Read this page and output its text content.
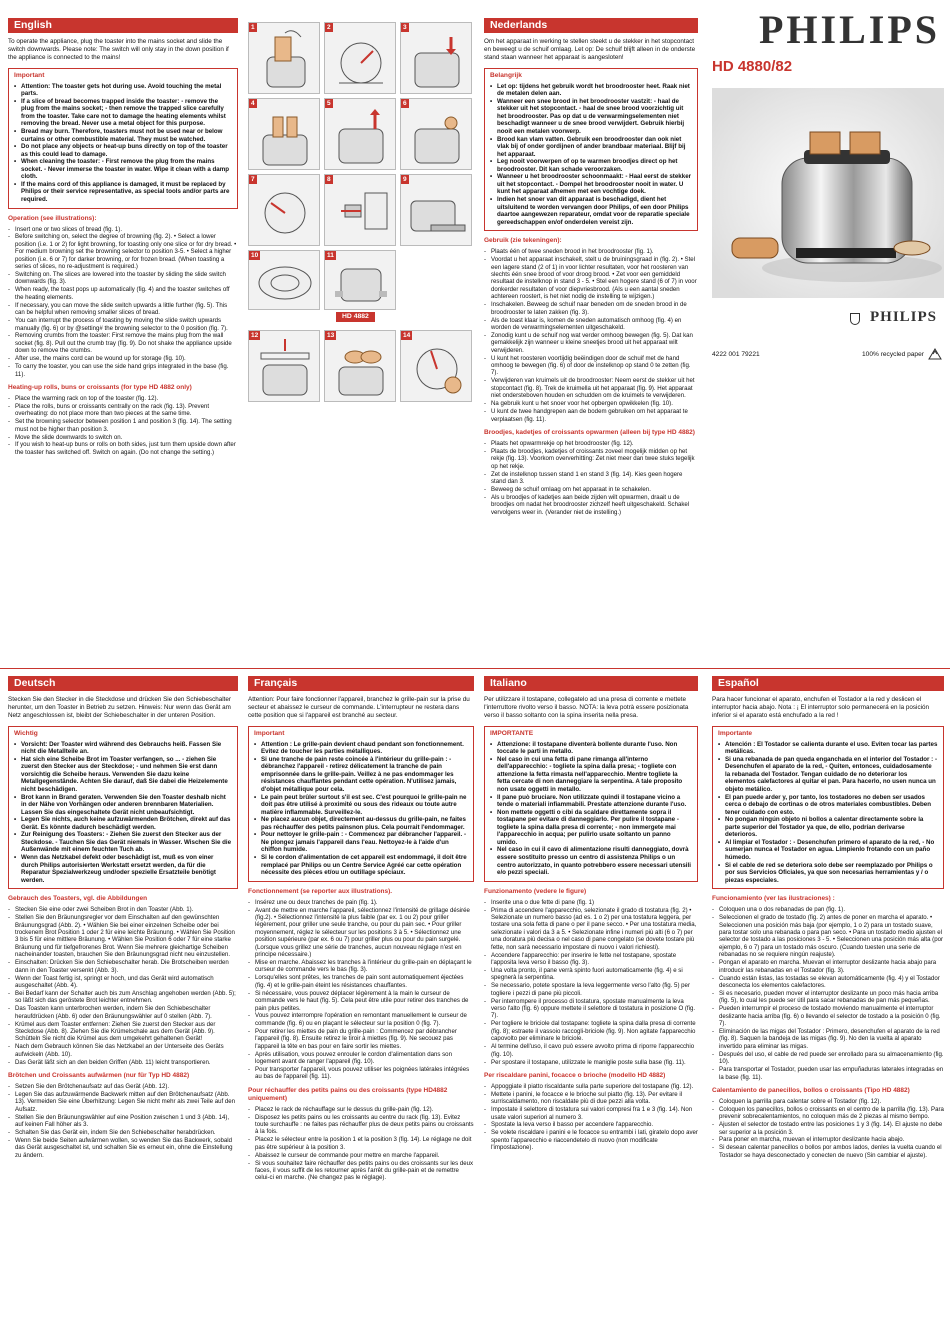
English
To operate the appliance, plug the toaster into the mains socket and slide the switch downwards. Please note: The switch will only stay in the down position if the appliance is connected to the mains!
Important
• Attention: The toaster gets hot during use. Avoid touching the metal parts.
• If a slice of bread becomes trapped inside the toaster: - remove the plug from the mains socket; - then remove the trapped slice carefully from the toaster. Take care not to damage the heating elements whilst removing the bread. Never use a metal object for this purpose.
• Bread may burn. Therefore, toasters must not be used near or below curtains or other combustible material. They must be watched.
• Do not place any objects or heat-up buns directly on top of the toaster as this could lead to damage.
• When cleaning the toaster: - First remove the plug from the mains socket. - Never immerse the toaster in water. Wipe it clean with a damp cloth.
• If the mains cord of this appliance is damaged, it must be replaced by Philips or their service representative, as special tools and/or parts are required.
Operation (see illustrations):
- Insert one or two slices of bread (fig. 1).
- Before switching on, select the degree of browning (fig. 2). • Select a lower position (i.e. 1 or 2) for light browning, for toasting only one slice or for dry bread. • For medium browning set the browning selector to position 3-5. • Select a higher position (i.e. 6 or 7) for darker browning, or for frozen bread. (When toasting a series of slices, no re-adjustment is required.)
- Switching on. The slices are lowered into the toaster by sliding the slide switch downwards (fig. 3).
- When ready, the toast pops up automatically (fig. 4) and the toaster switches off the heating elements.
- If necessary, you can move the slide switch upwards a little further (fig. 5). This can be helpful when removing smaller slices of bread.
- You can interrupt the process of toasting by moving the slide switch upwards manually (fig. 6) or by @setting# the browning selector to the 0 position (fig. 7).
- Removing crumbs from the toaster: First remove the mains plug from the wall socket (fig. 8). Pull out the crumb tray (fig. 9). Do not shake the appliance upside down to remove the crumbs.
- After use, the mains cord can be wound up for storage (fig. 10).
- To carry the toaster, you can use the side hand grips integrated in the base (fig. 11).
Heating-up rolls, buns or croissants (for type HD 4882 only)
- Place the warming rack on top of the toaster (fig. 12).
- Place the rolls, buns or croissants centrally on the rack (fig. 13). Prevent overheating: do not place more than two pieces at the same time.
- Set the browning selector between position 1 and position 3 (fig. 14). The setting must not be higher than position 3.
- Move the slide downwards to switch on.
- If you wish to heat-up buns or rolls on both sides, just turn them upside down after the toaster has switched off. Switch on again. (Do not change the setting.)
1	2	3
4	5	6
7	8	9
10	11
HD 4882
12	13	14
Nederlands
Om het apparaat in werking te stellen steekt u de stekker in het stopcontact en beweegt u de schuif omlaag. Let op: De schuif blijft alleen in de onderste stand staan wanneer het apparaat is aangesloten!
Belangrijk
• Let op: tijdens het gebruik wordt het broodrooster heet. Raak niet de metalen delen aan.
• Wanneer een snee brood in het broodrooster vastzit: - haal de stekker uit het stopcontact. - haal de snee brood voorzichtig uit het broodrooster. Pas op dat u de verwarmingselementen niet beschadigt wanneer u de snee brood verwijdert. Gebruik hierbij nooit een metalen voorwerp.
• Brood kan vlam vatten. Gebruik een broodrooster dan ook niet vlak bij of onder gordijnen of ander brandbaar materiaal. Blijf bij het apparaat.
• Leg nooit voorwerpen of op te warmen broodjes direct op het broodrooster. Dit kan schade veroorzaken.
• Wanneer u het broodrooster schoonmaakt: - Haal eerst de stekker uit het stopcontact. - Dompel het broodrooster nooit in water. U kunt het apparaat afnemen met een vochtige doek.
• Indien het snoer van dit apparaat is beschadigd, dient het uitsluitend te worden vervangen door Philips, of een door Philips daartoe aangewezen reparateur, omdat voor de reparatie speciale gereedschappen en/of onderdelen vereist zijn.
Gebruik (zie tekeningen):
- Plaats één of twee sneden brood in het broodrooster (fig. 1).
- Voordat u het apparaat inschakelt, stelt u de bruiningsgraad in (fig. 2). • Stel een lagere stand (2 of 1) in voor lichter resultaten, voor het roosteren van slechts één snee brood of voor droog brood. • Zet voor een gemiddeld resultaat de instelknop in stand 3 - 5. • Stel een hogere stand (6 of 7) in voor donkerder resultaten of voor diepvriesbrood. (Als u een aantal sneden achtereen roostert, is het niet nodig de instelling te wijzigen.)
- Inschakelen. Beweeg de schuif naar beneden om de sneden brood in de broodrooster te laten zakken (fig. 3).
- Als de toast klaar is, komen de sneden automatisch omhoog (fig. 4) en worden de verwarmingselementen uitgeschakeld.
- Zonodig kunt u de schuif nog wat verder omhoog bewegen (fig. 5). Dat kan gemakkelijk zijn wanneer u kleine sneetjes brood uit het apparaat wilt verwijderen.
- U kunt het roosteren voortijdig beëindigen door de schuif met de hand omhoog te bewegen (fig. 6) of door de instelknop op stand 0 te zetten (fig. 7).
- Verwijderen van kruimels uit de broodrooster: Neem eerst de stekker uit het stopcontact (fig. 8). Trek de kruimella uit het apparaat (fig. 9). Het apparaat niet ondersteboven houden en schudden om de kruimels te verwijderen.
- Na gebruik kunt u het snoer voor het opbergen opwikkelen (fig. 10).
- U kunt de twee handgrepen aan de bodem gebruiken om het apparaat te verplaatsen (fig. 11).
Broodjes, kadetjes of croissants opwarmen (alleen bij type HD 4882)
- Plaats het opwarmrekje op het broodrooster (fig. 12).
- Plaats de broodjes, kadetjes of croissants zoveel mogelijk midden op het rekje (fig. 13). Voorkom oververhitting: Zet niet meer dan twee stuks tegelijk op het rekje.
- Zet de instelknop tussen stand 1 en stand 3 (fig. 14). Kies geen hogere stand dan 3.
- Beweeg de schuif omlaag om het apparaat in te schakelen.
- Als u broodjes of kadetjes aan beide zijden wilt opwarmen, draait u de broodjes om nadat het broodrooster zichzelf heeft uitgeschakeld. Schakel vervolgens weer in. (Verander niet de instelling.)
PHILIPS
HD 4880/82
PHILIPS
4222 001 79221	100% recycled paper
Deutsch
Stecken Sie den Stecker in die Steckdose und drücken Sie den Schiebeschalter herunter, um den Toaster in Betrieb zu setzen. Hinweis: Nur wenn das Gerät am Netz angeschlossen ist, bleibt der Schiebeschalter in der unteren Position.
Wichtig
• Vorsicht: Der Toaster wird während des Gebrauchs heiß. Fassen Sie nicht die Metallteile an.
• Hat sich eine Scheibe Brot im Toaster verfangen, so ... - ziehen Sie zuerst den Stecker aus der Steckdose; - und nehmen Sie erst dann vorsichtig die Scheibe heraus. Verwenden Sie dazu keine Metallgegenstände. Achten Sie darauf, daß Sie dabei die Heizelemente nicht beschädigen.
• Brot kann in Brand geraten. Verwenden Sie den Toaster deshalb nicht in der Nähe von Vorhängen oder anderen brennbaren Materialien. Lassen Sie das eingeschaltete Gerät nicht unbeaufsichtigt.
• Legen Sie nichts, auch keine aufzuwärmenden Brötchen, direkt auf das Gerät. Es könnte dadurch beschädigt werden.
• Zur Reinigung des Toasters: - Ziehen Sie zuerst den Stecker aus der Steckdose. - Tauchen Sie das Gerät niemals in Wasser. Wischen Sie die Außenwände mit einem feuchten Tuch ab.
• Wenn das Netzkabel defekt oder beschädigt ist, muß es von einer durch Philips autorisierten Werkstatt ersetzt werden, da für die Reparatur Spezialwerkzeug und/oder spezielle Ersatzteile benötigt werden.
Gebrauch des Toasters, vgl. die Abbildungen
- Stecken Sie eine oder zwei Scheiben Brot in den Toaster (Abb. 1).
- Stellen Sie den Bräunungsregler vor dem Einschalten auf den gewünschten Bräunungsgrad (Abb. 2). • Wählen Sie bei einer einzelnen Scheibe oder bei trockenem Brot Position 1 oder 2 für eine leichte Bräunung. • Wählen Sie Position 3 bis 5 für eine mittlere Bräunung. • Wählen Sie Position 6 oder 7 für eine starke Bräunung und für tiefgefrorenes Brot. Wenn Sie mehrere gleichartige Scheiben nacheinander toasten, brauchen Sie den Bräunungsgrad nicht neu einzustellen.
- Einschalten: Drücken Sie den Schiebeschalter herab. Die Brotscheiben werden dann in den Toaster versenkt (Abb. 3).
- Wenn der Toast fertig ist, springt er hoch, und das Gerät wird automatisch ausgeschaltet (Abb. 4).
- Bei Bedarf kann der Schalter auch bis zum Anschlag angehoben werden (Abb. 5); so läßt sich das geröstete Brot leichter entnehmen.
- Das Toasten kann unterbrochen werden, indem Sie den Schiebeschalter heraufdrücken (Abb. 6) oder den Bräunungswähler auf 0 stellen (Abb. 7).
- Krümel aus dem Toaster entfernen: Ziehen Sie zuerst den Stecker aus der Steckdose (Abb. 8). Ziehen Sie die Krümelschale aus dem Gerät (Abb. 9). Schütteln Sie nicht die Krümel aus dem umgekehrt gehaltenen Gerät!
- Nach dem Gebrauch können Sie das Netzkabel an der Unterseite des Geräts aufwickeln (Abb. 10).
- Das Gerät läßt sich an den beiden Griffen (Abb. 11) leicht transportieren.
Brötchen und Croissants aufwärmen (nur für Typ HD 4882)
- Setzen Sie den Brötchenaufsatz auf das Gerät (Abb. 12).
- Legen Sie das aufzuwärmende Backwerk mitten auf den Brötchenaufsatz (Abb. 13). Vermeiden Sie eine Überhitzung: Legen Sie nicht mehr als zwei Teile auf den Aufsatz.
- Stellen Sie den Bräunungswähler auf eine Position zwischen 1 und 3 (Abb. 14), auf keinen Fall höher als 3.
- Schalten Sie das Gerät ein, indem Sie den Schiebeschalter herabdrücken.
- Wenn Sie beide Seiten aufwärmen wollen, so wenden Sie das Backwerk, sobald das Gerät ausgeschaltet ist, und schalten Sie es erneut ein, ohne die Einstellung zu ändern.
Français
Attention: Pour faire fonctionner l'appareil, branchez le grille-pain sur la prise du secteur et abaissez le curseur de commande. L'interrupteur ne restera dans cette position que si l'appareil est branché au secteur.
Important
• Attention : Le grille-pain devient chaud pendant son fonctionnement. Evitez de toucher les parties métalliques.
• Si une tranche de pain reste coincée à l'intérieur du grille-pain : - débranchez l'appareil - retirez délicatement la tranche de pain emprisonnée dans le grille-pain. Veillez à ne pas endommager les résistances chauffantes pendant cette opération. N'utilisez jamais, d'objet métallique pour cela.
• Le pain peut brûler surtout s'il est sec. C'est pourquoi le grille-pain ne doit pas être utilisé à proximité ou sous des rideaux ou toute autre matière inflammable. Surveillez-le.
• Ne placez aucun objet, directement au-dessus du grille-pain, ne faites pas réchauffer des petits painsnon plus. Cela pourrait l'endommager.
• Pour nettoyer le grille-pain : - Commencez par débrancher l'appareil. - Ne plongez jamais l'appareil dans l'eau. Nettoyez-le à l'aide d'un chiffon humide.
• Si le cordon d'alimentation de cet appareil est endommagé, il doit être remplacé par Philips ou un Centre Service Agréé car cette opération nécessite des pièces et/ou un outillage spéciaux.
Fonctionnement (se reporter aux illustrations).
- Insérez une ou deux tranches de pain (fig. 1).
- Avant de mettre en marche l'appareil, sélectionnez l'intensité de grillage désirée (fig.2). • Sélectionnez l'intensité la plus faible (par ex. 1 ou 2) pour griller légèrement, pour griller une seule tranche, ou pour du pain sec. • Pour griller moyennement, réglez le sélecteur sur les positions 3 à 5. • Sélectionnez une position supérieure (par ex. 6 ou 7) pour griller plus ou pour du pain surgelé. (Lorsque vous grillez une série de tranches, aucun nouveau réglage n'est en principe nécessaire.)
- Mise en marche. Abaissez les tranches à l'intérieur du grille-pain en déplaçant le curseur de commande vers le bas (fig. 3).
- Lorsqu'elles sont prêtes, les tranches de pain sont automatiquement éjectées (fig. 4) et le grille-pain éteint les résistances chauffantes.
- Si nécessaire, vous pouvez déplacer légèrement à la main le curseur de commande vers le haut (fig. 5). Cela peut être utile pour retirer des tranches de pain plus petites.
- Vous pouvez interrompre l'opération en remontant manuellement le curseur de commande (fig. 6) ou en plaçant le sélecteur sur la position 0 (fig. 7).
- Pour retirer les miettes de pain du grille-pain : Commencez par débrancher l'appareil (fig. 8). Ensuite retirez le tiroir à miettes (fig. 9). Ne secouez pas l'appareil la tête en bas pour en faire sortir les miettes.
- Après utilisation, vous pouvez enrouler le cordon d'alimentation dans son logement avant de ranger l'appareil (fig. 10).
- Pour transporter l'appareil, vous pouvez utiliser les poignées latérales intégrées au bas de l'appareil (fig. 11).
Pour réchauffer des petits pains ou des croissants (type HD4882 uniquement)
- Placez le rack de réchauffage sur le dessus du grille-pain (fig. 12).
- Disposez les petits pains ou les croissants au centre du rack (fig. 13). Evitez toute surchauffe : ne faites pas réchauffer plus de deux petits pains ou croissants à la fois.
- Placez le sélecteur entre la position 1 et la position 3 (fig. 14). Le réglage ne doit pas être supérieur à la position 3.
- Abaissez le curseur de commande pour mettre en marche l'appareil.
- Si vous souhaitez faire réchauffer des petits pains ou des croissants sur les deux faces, il vous suffit de les retourner après l'arrêt du grille-pain et de remettre celui-ci en marche. (Ne changez pas le réglage).
Italiano
Per utilizzare il tostapane, collegatelo ad una presa di corrente e mettete l'interruttore rivolto verso il basso. NOTA: la leva potrà essere posizionata verso il basso soltanto con la spina inserita nella presa.
IMPORTANTE
• Attenzione: il tostapane diventerà bollente durante l'uso. Non toccate le parti in metallo.
• Nel caso in cui una fetta di pane rimanga all'interno dell'apparecchio: - togliete la spina dalla presa; - togliete con attenzione la fetta rimasta nell'apparecchio. Mentre togliete la fetta cercate di non danneggiare la serpentina. A tale proposito non usate oggetti in metallo.
• Il pane può bruciare. Non utilizzate quindi il tostapane vicino a tende o materiali infiammabili. Prestate attenzione durante l'uso.
• Non mettete oggetti o cibi da scaldare direttamente sopra il tostapane per evitare di danneggiarlo. Per pulire il tostapane - togliete la spina dalla presa di corrente; - non immergete mai l'apparecchio in acqua; per pulirlo usate soltanto un panno umido.
• Nel caso in cui il cavo di alimentazione risulti danneggiato, dovrà essere sostituito presso un centro di assistenza Philips o un centro autorizzato, in quanto potrebbero essere necessari utensili e/o pezzi speciali.
Funzionamento (vedere le figure)
- Inserite una o due fette di pane (fig. 1)
- Prima di accendere l'apparecchio, selezionate il grado di tostatura (fig. 2) • Selezionate un numero basso (ad es. 1 o 2) per una tostatura leggera, per tostare una sola fetta di pane o per il pane secco. • Per una tostatura media, selezionate i valori da 3 a 5. • Selezionate infine i numeri più alti (6 o 7) per una doratura più decisa o nel caso di pane congelato (se dovete tostare più fette, non sarà necessario impostare di nuovo i valori richiesti).
- Accendere l'apparecchio: per inserire le fette nel tostapane, spostate l'apposita leva verso il basso (fig. 3).
- Una volta pronto, il pane verrà spinto fuori automaticamente (fig. 4) e si spegnerà la serpentina.
- Se necessario, potete spostare la leva leggermente verso l'alto (fig. 5) per togliere i pezzi di pane più piccoli.
- Per interrompere il processo di tostatura, spostate manualmente la leva verso l'alto (fig. 6) oppure mettete il selettore di tostatura in posizione O (fig. 7).
- Per togliere le briciole dal tostapane: togliete la spina dalla presa di corrente (fig. 8); estraete il vassoio raccogli-briciole (fig. 9). Non agitate l'apparecchio capovolto per eliminare le briciole.
- Al termine dell'uso, il cavo può essere avvolto prima di riporre l'apparecchio (fig. 10).
- Per spostare il tostapane, utilizzate le maniglie poste sulla base (fig. 11).
Per riscaldare panini, focacce o brioche (modello HD 4882)
- Appoggiate il piatto riscaldante sulla parte superiore del tostapane (fig. 12).
- Mettete i panini, le focacce e le brioche sul piatto (fig. 13). Per evitare il surriscaldamento, non riscaldate più di due pezzi alla volta.
- Impostate il selettore di tostatura sui valori compresi fra 1 e 3 (fig. 14). Non usate valori superiori al numero 3.
- Spostate la leva verso il basso per accendere l'apparecchio.
- Se volete riscaldare i panini e le focacce su entrambi i lati, giratelo dopo aver spento l'apparecchio e riaccendetelo di nuovo (non modificate l'impostazione).
Español
Para hacer funcionar el aparato, enchufen el Tostador a la red y deslicen el interruptor hacia abajo. Nota : ¡ El interruptor solo permanecerá en la posición inferior si el aparato está enchufado a la red !
Importante
• Atención : El Tostador se calienta durante el uso. Eviten tocar las partes metálicas.
• Si una rebanada de pan queda enganchada en el interior del Tostador : - Desenchufen el aparato de la red, - Quiten, entonces, cuidadosamente la rebanada del Tostador. Tengan cuidado de no deteriorar los elementos calefactores al quitar el pan. Para hacerlo, no usen nunca un objeto metálico.
• El pan puede arder y, por tanto, los tostadores no deben ser usados cerca o debajo de cortinas o de otros materiales combustibles. Deben tener cuidado con esto.
• No pongan ningún objeto ni bollos a calentar directamente sobre la parte superior del Tostador ya que, de ello, podrían derivarse deterioros.
• Al limpiar el Tostador : - Desenchufen primero el aparato de la red, - No sumerjan nunca el Tostador en agua. Límpienlo frotando con un paño húmedo.
• Si el cable de red se deteriora solo debe ser reemplazado por Philips o por sus Servicios Oficiales, ya que son necesarias herramientas y / o piezas especiales.
Funcionamiento (ver las ilustraciones) :
- Coloquen una o dos rebanadas de pan (fig. 1).
- Seleccionen el grado de tostado (fig. 2) antes de poner en marcha el aparato. • Seleccionen una posición más baja (por ejemplo, 1 o 2) para un tostado suave, para tostar solo una rebanada o para pan seco. • Para un tostado medio ajusten el selector de tostado a las posiciones 3 - 5. • Seleccionen una posición más alta (por ejemplo, 6 o 7) para un tostado más oscuro. (Cuando tuesten una serie de rebanadas no se requiere ningún reajuste).
- Pongan el aparato en marcha. Muevan el interruptor deslizante hacia abajo para introducir las rebanadas en el Tostador (fig. 3).
- Cuando están listas, las tostadas se elevan automáticamente (fig. 4) y el Tostador desconecta los elementos calefactores.
- Si es necesario, pueden mover el interruptor deslizante un poco más hacia arriba (fig. 5), lo cual les puede ser útil para sacar rebanadas de pan más pequeñas.
- Pueden interrumpir el proceso de tostado moviendo manualmente el interruptor deslizante hacia arriba (fig. 6) o llevando el selector de tostado a la posición 0 (fig. 7).
- Eliminación de las migas del Tostador : Primero, desenchufen el aparato de la red (fig. 8). Saquen la bandeja de las migas (fig. 9). No den la vuelta al aparato invertido para eliminar las migas.
- Después del uso, el cable de red puede ser enrollado para su almacenamiento (fig. 10).
- Para transportar el Tostador, pueden usar las empuñaduras laterales integradas en la base (fig. 11).
Calentamiento de panecillos, bollos o croissants (Tipo HD 4882)
- Coloquen la parrilla para calentar sobre el Tostador (fig. 12).
- Coloquen los panecillos, bollos o croissants en el centro de la parrilla (fig. 13). Para prevenir sobrecalentamientos, no coloquen más de 2 piezas al mismo tiempo.
- Ajusten el selector de tostado entre las posiciones 1 y 3 (fig. 14). El ajuste no debe ser superior a la posición 3.
- Para poner en marcha, muevan el interruptor deslizante hacia abajo.
- Si desean calentar panecillos o bollos por ambos lados, denles la vuelta cuando el Tostador se haya desconectado y conecten de nuevo (Sin cambiar el ajuste).
